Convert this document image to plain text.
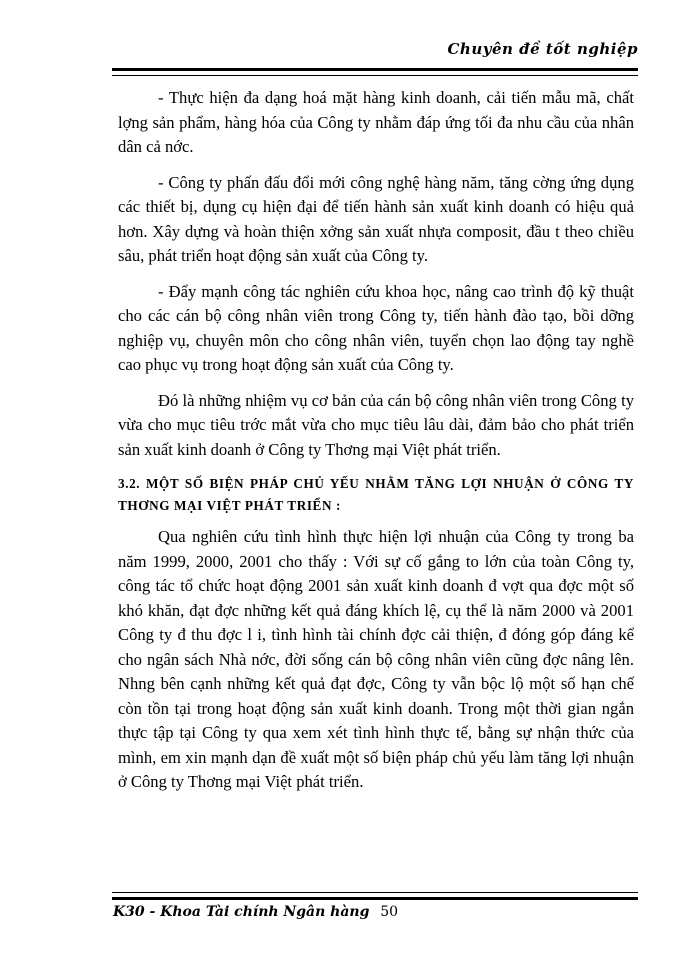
Chuyên đề tốt nghiệp

- Thực hiện đa dạng hoá mặt hàng kinh doanh, cải tiến mẫu mã, chất lợng sản phẩm, hàng hóa của Công ty nhằm đáp ứng tối đa nhu cầu của nhân dân cả nớc.

- Công ty phấn đấu đổi mới công nghệ hàng năm, tăng cờng ứng dụng các thiết bị, dụng cụ hiện đại để tiến hành sản xuất kinh doanh có hiệu quả hơn. Xây dựng và hoàn thiện xởng sản xuất nhựa composit, đầu t theo chiều sâu, phát triển hoạt động sản xuất của Công ty.

- Đẩy mạnh công tác nghiên cứu khoa học, nâng cao trình độ kỹ thuật cho các cán bộ công nhân viên trong Công ty, tiến hành đào tạo, bồi dỡng nghiệp vụ, chuyên môn cho công nhân viên, tuyển chọn lao động tay nghề cao phục vụ trong hoạt động sản xuất của Công ty.

Đó là những nhiệm vụ cơ bản của cán bộ công nhân viên trong Công ty vừa cho mục tiêu trớc mắt vừa cho mục tiêu lâu dài, đảm bảo cho phát triển sản xuất kinh doanh ở Công ty Thơng mại Việt phát triển.

3.2. MỘT SỐ BIỆN PHÁP CHỦ YẾU NHẰM TĂNG LỢI NHUẬN Ở CÔNG TY THƠNG MẠI VIỆT PHÁT TRIỂN :

Qua nghiên cứu tình hình thực hiện lợi nhuận của Công ty trong ba năm 1999, 2000, 2001 cho thấy : Với sự cố gắng to lớn của toàn Công ty, công tác tổ chức hoạt động 2001 sản xuất kinh doanh đ vợt qua đợc một số khó khăn, đạt đợc những kết quả đáng khích lệ, cụ thể là năm 2000 và 2001 Công ty đ thu đợc l i, tình hình tài chính đợc cải thiện, đ đóng góp đáng kể cho ngân sách Nhà nớc, đời sống cán bộ công nhân viên cũng đợc nâng lên. Nhng bên cạnh những kết quả đạt đợc, Công ty vẫn bộc lộ một số hạn chế còn tồn tại trong hoạt động sản xuất kinh doanh. Trong một thời gian ngắn thực tập tại Công ty qua xem xét tình hình thực tế, bằng sự nhận thức của mình, em xin mạnh dạn đề xuất một số biện pháp chủ yếu làm tăng lợi nhuận ở Công ty Thơng mại Việt phát triển.

K30 - Khoa Tài chính Ngân hàng 50
